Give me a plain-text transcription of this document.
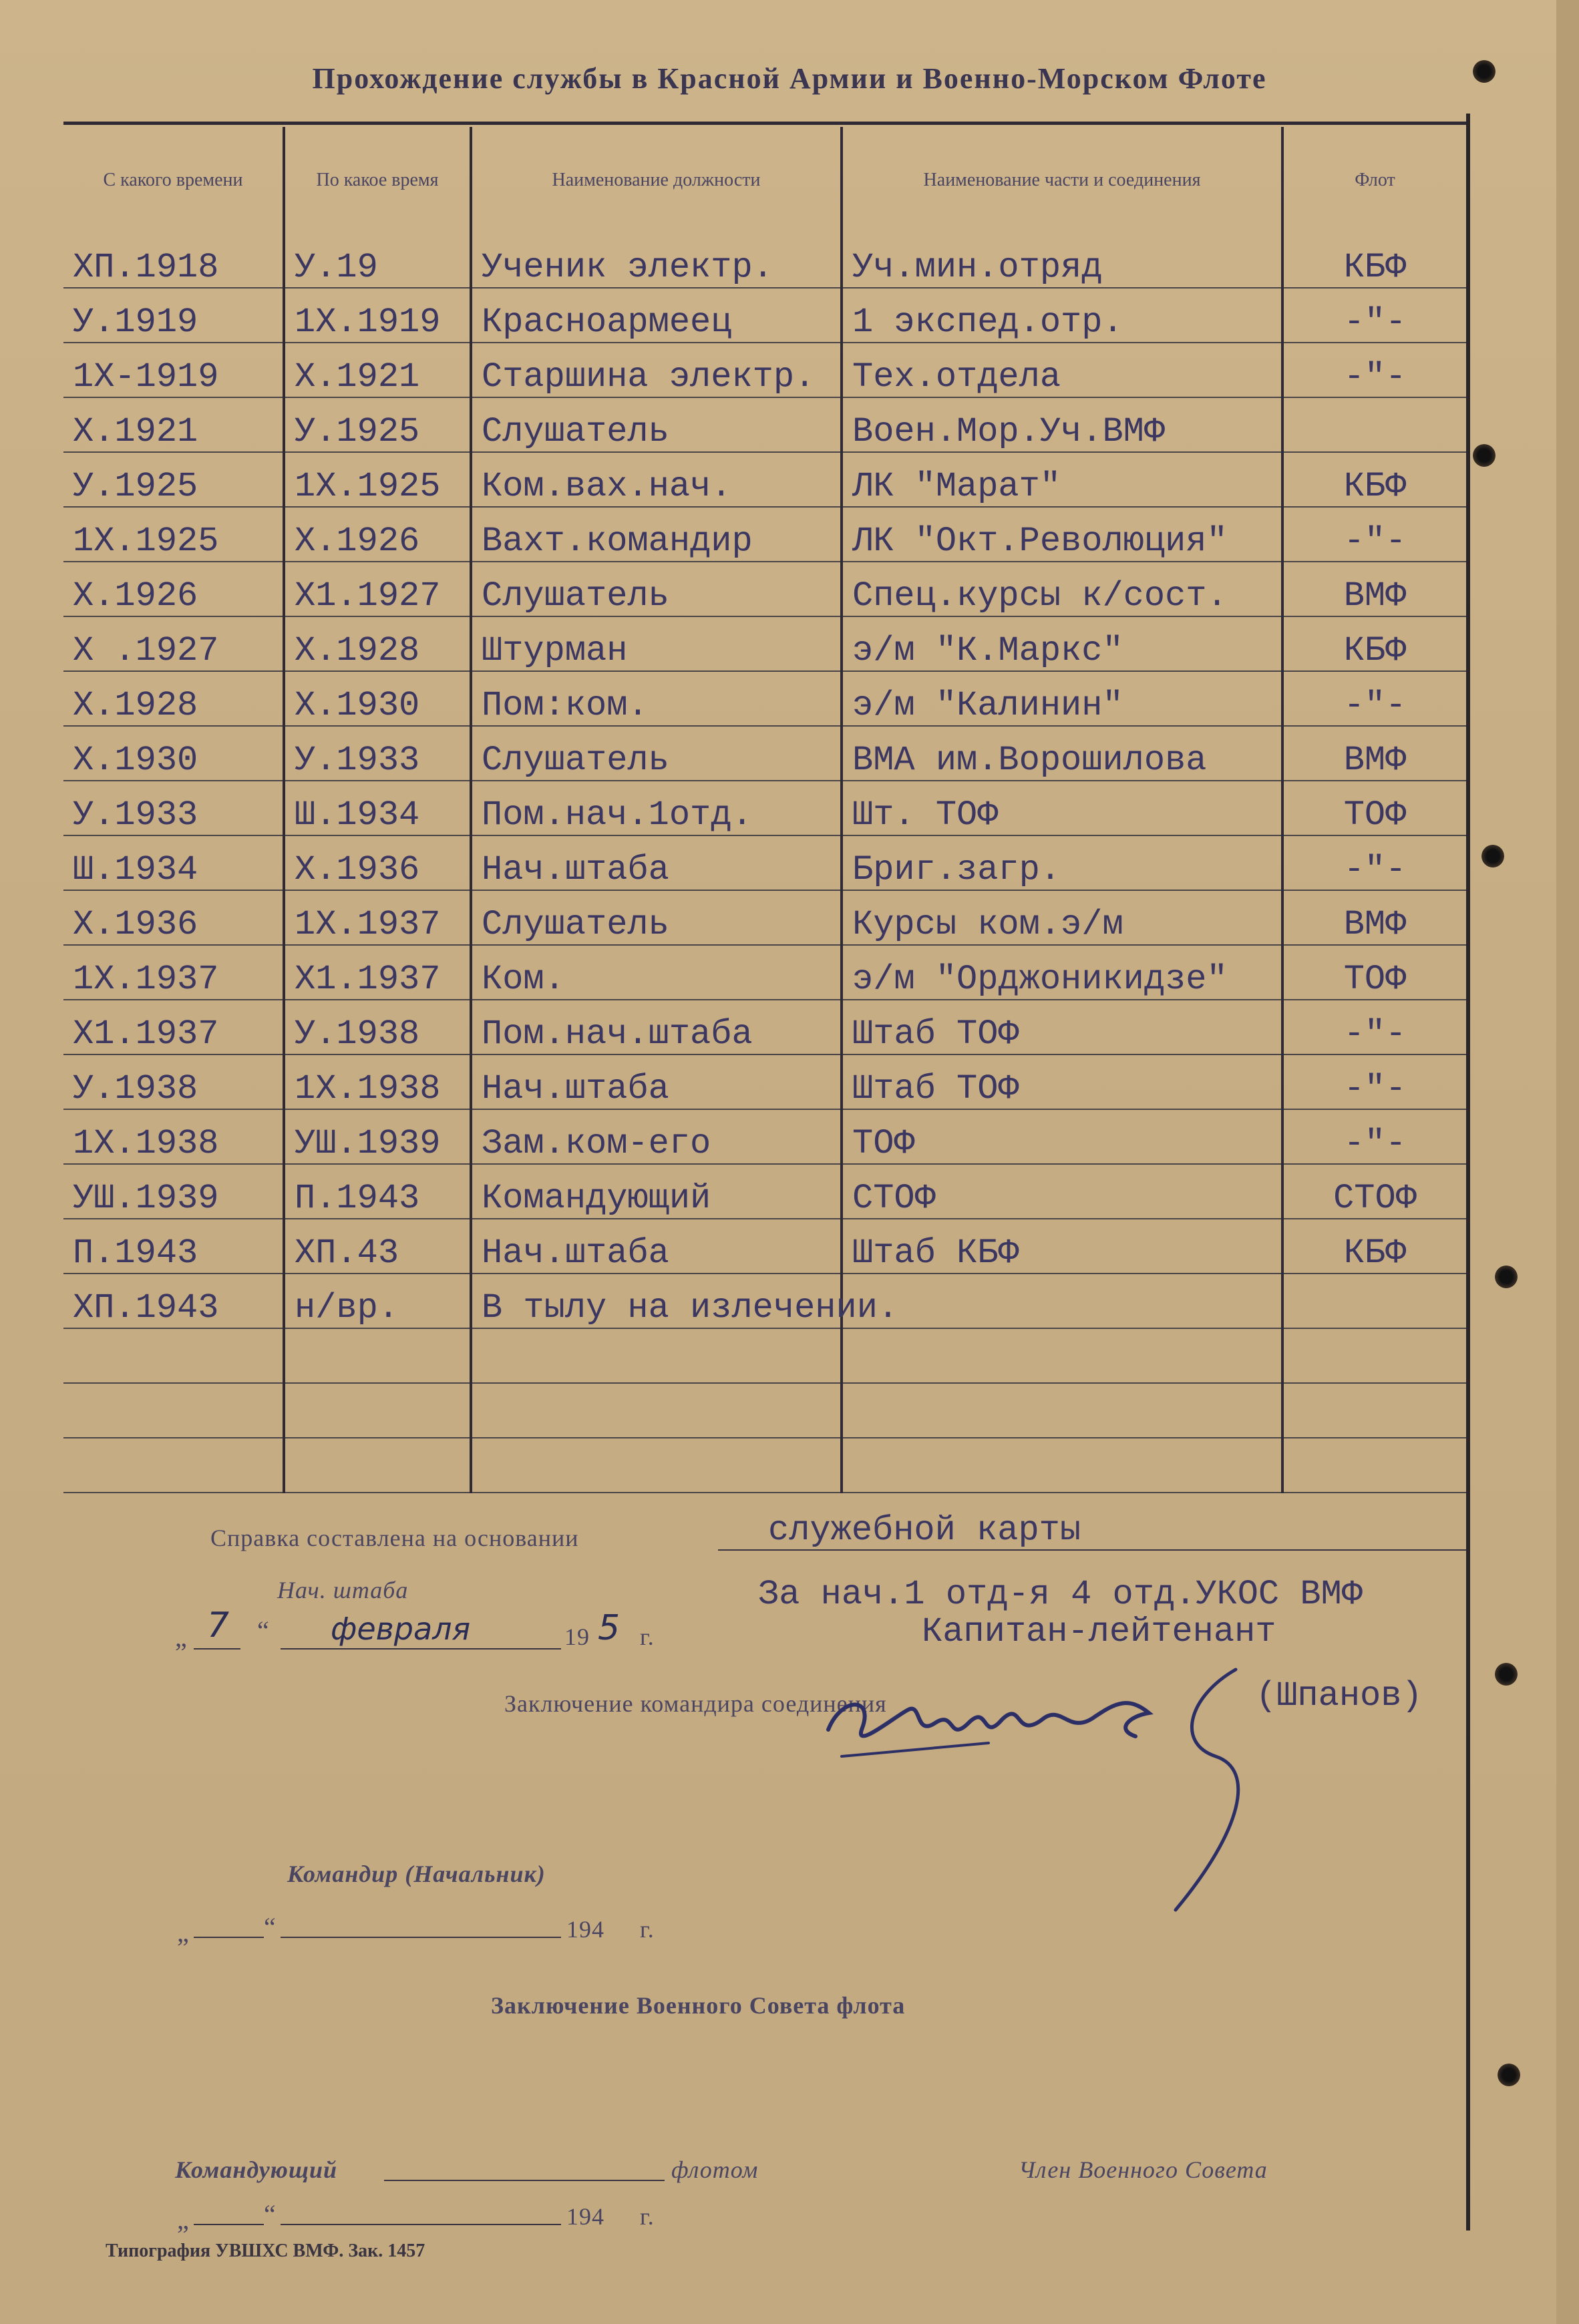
Прохождение службы в Красной Армии и Военно-Морском Флоте
С какого времени	По какое время	Наименование должности	Наименование части и соединения	Флот
ХП.1918	У.19	Ученик электр.	Уч.мин.отряд	КБФ
У.1919	1Х.1919	Красноармеец	1 экспед.отр.	-"-
1Х-1919	Х.1921	Старшина электр.	Тех.отдела	-"-
Х.1921	У.1925	Слушатель	Воен.Мор.Уч.ВМФ	
У.1925	1Х.1925	Ком.вах.нач.	ЛК "Марат"	КБФ
1Х.1925	Х.1926	Вахт.командир	ЛК "Окт.Революция"	-"-
Х.1926	Х1.1927	Слушатель	Спец.курсы к/сост.	ВМФ
Х .1927	Х.1928	Штурман	э/м "К.Маркс"	КБФ
Х.1928	Х.1930	Пом:ком.	э/м "Калинин"	-"-
Х.1930	У.1933	Слушатель	ВМА им.Ворошилова	ВМФ
У.1933	Ш.1934	Пом.нач.1отд.	Шт. ТОФ	ТОФ
Ш.1934	Х.1936	Нач.штаба	Бриг.загр.	-"-
Х.1936	1Х.1937	Слушатель	Курсы ком.э/м	ВМФ
1Х.1937	Х1.1937	Ком.	э/м "Орджоникидзе"	ТОФ
Х1.1937	У.1938	Пом.нач.штаба	Штаб ТОФ	-"-
У.1938	1Х.1938	Нач.штаба	Штаб ТОФ	-"-
1Х.1938	УШ.1939	Зам.ком-его	ТОФ	-"-
УШ.1939	П.1943	Командующий	СТОФ	СТОФ
П.1943	ХП.43	Нач.штаба	Штаб КБФ	КБФ
ХП.1943	н/вр.	В тылу на излечении.		

Справка составлена на основании	служебной карты
Нач. штаба
„ 7 “ февраля	19 5 г.
За нач.1 отд-я 4 отд.УКОС ВМФ
Капитан-лейтенант
(Шпанов)
Заключение командира соединения
Командир (Начальник)
„	“	194 г.
Заключение Военного Совета флота
Командующий	флотом	Член Военного Совета
„	“	194 г.
Типография УВШХС ВМФ. Зак. 1457
